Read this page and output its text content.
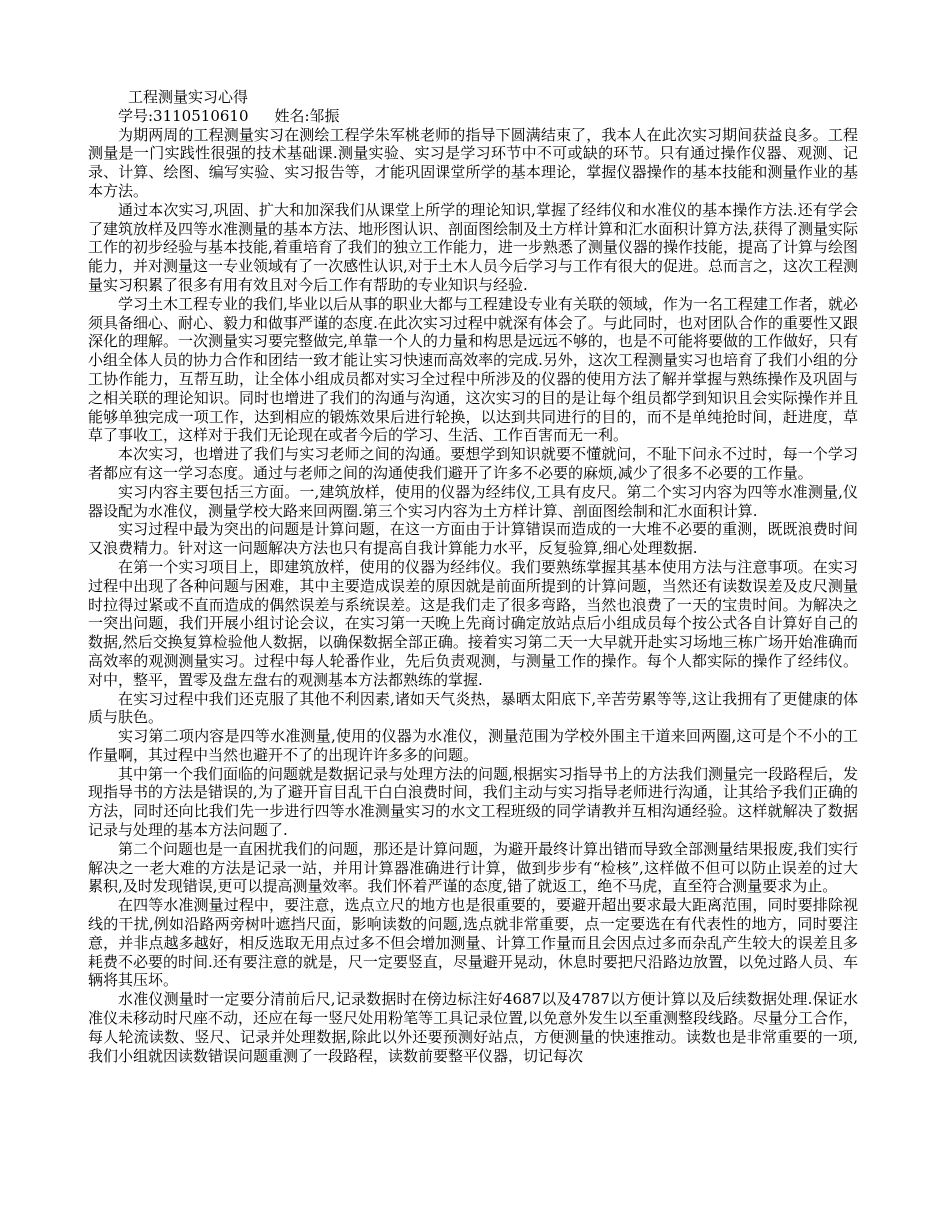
工程测量实习心得

学号:3110510610 姓名:邹振

为期两周的工程测量实习在测绘工程学朱军桃老师的指导下圆满结束了，我本人在此次实习期间获益良多。工程测量是一门实践性很强的技术基础课.测量实验、实习是学习环节中不可或缺的环节。只有通过操作仪器、观测、记录、计算、绘图、编写实验、实习报告等，才能巩固课堂所学的基本理论，掌握仪器操作的基本技能和测量作业的基本方法。

通过本次实习,巩固、扩大和加深我们从课堂上所学的理论知识,掌握了经纬仪和水准仪的基本操作方法.还有学会了建筑放样及四等水准测量的基本方法、地形图认识、剖面图绘制及土方样计算和汇水面积计算方法,获得了测量实际工作的初步经验与基本技能,着重培育了我们的独立工作能力，进一步熟悉了测量仪器的操作技能，提高了计算与绘图能力，并对测量这一专业领域有了一次感性认识,对于土木人员今后学习与工作有很大的促进。总而言之，这次工程测量实习积累了很多有用有效且对今后工作有帮助的专业知识与经验.

学习土木工程专业的我们,毕业以后从事的职业大都与工程建设专业有关联的领域，作为一名工程建工作者，就必须具备细心、耐心、毅力和做事严谨的态度.在此次实习过程中就深有体会了。与此同时，也对团队合作的重要性又跟深化的理解。一次测量实习要完整做完,单靠一个人的力量和构思是远远不够的，也是不可能将要做的工作做好，只有小组全体人员的协力合作和团结一致才能让实习快速而高效率的完成.另外，这次工程测量实习也培育了我们小组的分工协作能力，互帮互助，让全体小组成员都对实习全过程中所涉及的仪器的使用方法了解并掌握与熟练操作及巩固与之相关联的理论知识。同时也增进了我们的沟通与沟通，这次实习的目的是让每个组员都学到知识且会实际操作并且能够单独完成一项工作，达到相应的锻炼效果后进行轮换，以达到共同进行的目的，而不是单纯抢时间，赶进度，草草了事收工，这样对于我们无论现在或者今后的学习、生活、工作百害而无一利。

本次实习，也增进了我们与实习老师之间的沟通。要想学到知识就要不懂就问，不耻下问永不过时，每一个学习者都应有这一学习态度。通过与老师之间的沟通使我们避开了许多不必要的麻烦,减少了很多不必要的工作量。

实习内容主要包括三方面。一,建筑放样，使用的仪器为经纬仪,工具有皮尺。第二个实习内容为四等水准测量,仪器设配为水准仪，测量学校大路来回两圈.第三个实习内容为土方样计算、剖面图绘制和汇水面积计算.

实习过程中最为突出的问题是计算问题，在这一方面由于计算错误而造成的一大堆不必要的重测，既既浪费时间又浪费精力。针对这一问题解决方法也只有提高自我计算能力水平，反复验算,细心处理数据.

在第一个实习项目上，即建筑放样，使用的仪器为经纬仪。我们要熟练掌握其基本使用方法与注意事项。在实习过程中出现了各种问题与困难，其中主要造成误差的原因就是前面所提到的计算问题，当然还有读数误差及皮尺测量时拉得过紧或不直而造成的偶然误差与系统误差。这是我们走了很多弯路，当然也浪费了一天的宝贵时间。为解决之一突出问题，我们开展小组讨论会议，在实习第一天晚上先商讨确定放站点后小组成员每个按公式各自计算好自己的数据,然后交换复算检验他人数据，以确保数据全部正确。接着实习第二天一大早就开赴实习场地三栋广场开始准确而高效率的观测测量实习。过程中每人轮番作业，先后负责观测，与测量工作的操作。每个人都实际的操作了经纬仪。对中，整平，置零及盘左盘右的观测基本方法都熟练的掌握.

在实习过程中我们还克服了其他不利因素,诸如天气炎热，暴晒太阳底下,辛苦劳累等等,这让我拥有了更健康的体质与肤色。

实习第二项内容是四等水准测量,使用的仪器为水准仪，测量范围为学校外围主干道来回两圈,这可是个不小的工作量啊，其过程中当然也避开不了的出现许许多多的问题。

其中第一个我们面临的问题就是数据记录与处理方法的问题,根据实习指导书上的方法我们测量完一段路程后，发现指导书的方法是错误的,为了避开盲目乱干白白浪费时间，我们主动与实习指导老师进行沟通，让其给予我们正确的方法，同时还向比我们先一步进行四等水准测量实习的水文工程班级的同学请教并互相沟通经验。这样就解决了数据记录与处理的基本方法问题了.

第二个问题也是一直困扰我们的问题，那还是计算问题，为避开最终计算出错而导致全部测量结果报废,我们实行解决之一老大难的方法是记录一站，并用计算器准确进行计算，做到步步有“检核”,这样做不但可以防止误差的过大累积,及时发现错误,更可以提高测量效率。我们怀着严谨的态度,错了就返工，绝不马虎，直至符合测量要求为止。

在四等水准测量过程中，要注意，选点立尺的地方也是很重要的，要避开超出要求最大距离范围，同时要排除视线的干扰,例如沿路两旁树叶遮挡尺面，影响读数的问题,选点就非常重要，点一定要选在有代表性的地方，同时要注意，并非点越多越好，相反选取无用点过多不但会增加测量、计算工作量而且会因点过多而杂乱产生较大的误差且多耗费不必要的时间.还有要注意的就是，尺一定要竖直，尽量避开晃动，休息时要把尺沿路边放置，以免过路人员、车辆将其压坏。

水准仪测量时一定要分清前后尺,记录数据时在傍边标注好4687以及4787以方便计算以及后续数据处理.保证水准仪未移动时尺座不动，还应在每一竖尺处用粉笔等工具记录位置,以免意外发生以至重测整段线路。尽量分工合作，每人轮流读数、竖尺、记录并处理数据,除此以外还要预测好站点，方便测量的快速推动。读数也是非常重要的一项,我们小组就因读数错误问题重测了一段路程，读数前要整平仪器，切记每次
